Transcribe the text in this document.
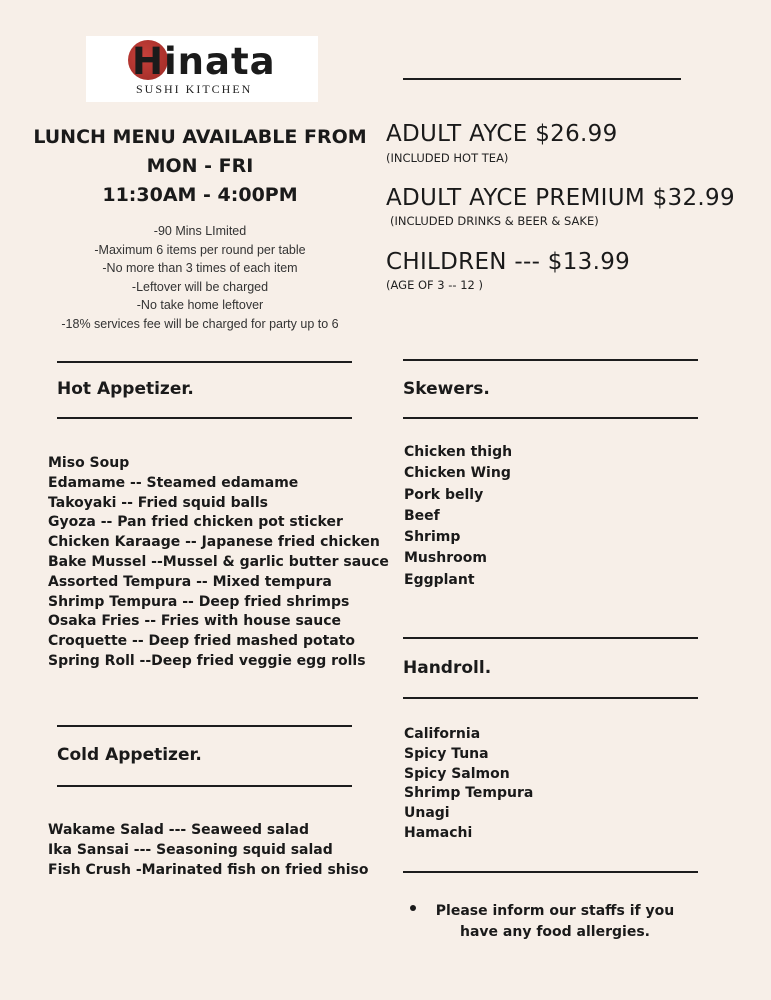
Hinata
SUSHI KITCHEN
LUNCH MENU AVAILABLE FROM
MON - FRI
11:30AM - 4:00PM
-90 Mins LImited
-Maximum 6 items per round per table
-No more than 3 times of each item
-Leftover will be charged
-No take home leftover
-18% services fee will be charged for party up to 6
ADULT AYCE $26.99
(INCLUDED HOT TEA)
ADULT AYCE PREMIUM $32.99
(INCLUDED DRINKS & BEER & SAKE)
CHILDREN --- $13.99
(AGE OF 3 -- 12 )
Hot Appetizer.
Miso Soup
Edamame -- Steamed edamame
Takoyaki -- Fried squid balls
Gyoza -- Pan fried chicken pot sticker
Chicken Karaage -- Japanese fried chicken
Bake Mussel --Mussel & garlic butter sauce
Assorted Tempura -- Mixed tempura
Shrimp Tempura -- Deep fried shrimps
Osaka Fries -- Fries with house sauce
Croquette -- Deep fried mashed potato
Spring Roll --Deep fried veggie egg rolls
Cold Appetizer.
Wakame Salad --- Seaweed salad
Ika Sansai --- Seasoning squid salad
Fish Crush -Marinated fish on fried shiso
Skewers.
Chicken thigh
Chicken Wing
Pork belly
Beef
Shrimp
Mushroom
Eggplant
Handroll.
California
Spicy Tuna
Spicy Salmon
Shrimp Tempura
Unagi
Hamachi
Please inform our staffs if you
have any food allergies.
